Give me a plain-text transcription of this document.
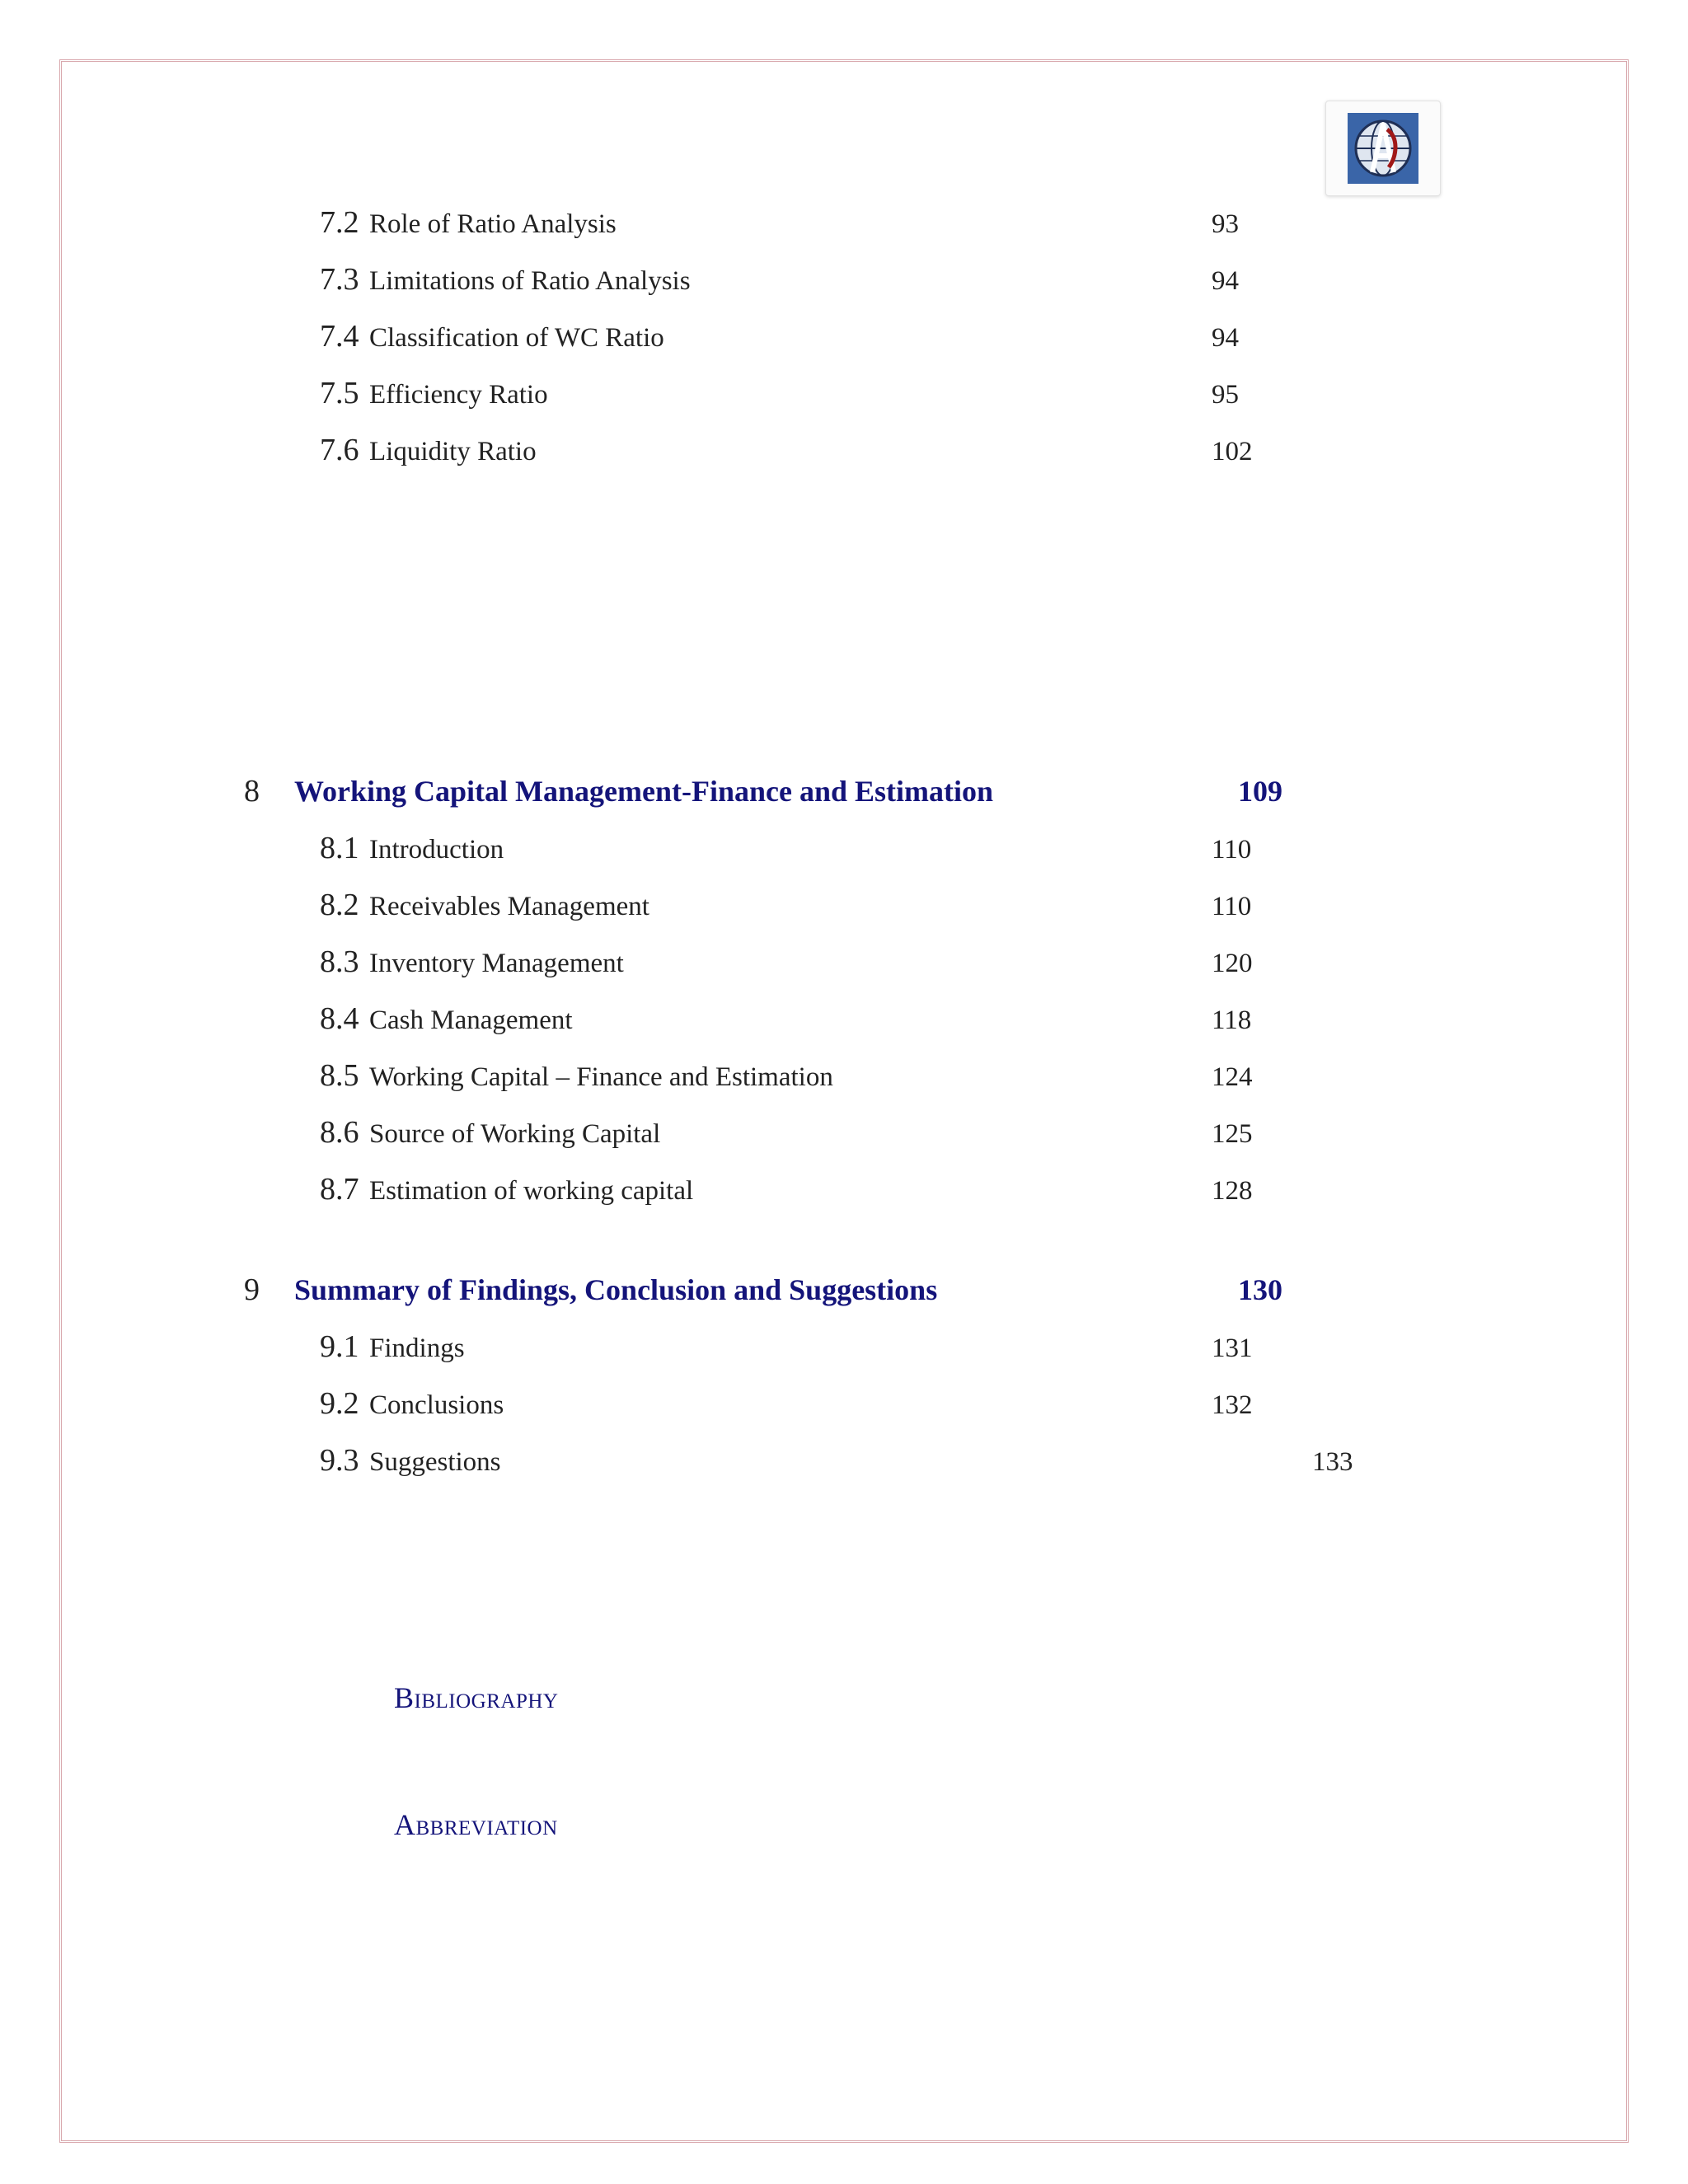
7.2 Role of Ratio Analysis	93
7.3 Limitations of Ratio Analysis	94
7.4 Classification of WC Ratio	94
7.5 Efficiency Ratio	95
7.6 Liquidity Ratio	102
8 Working Capital Management-Finance and Estimation	109
8.1 Introduction	110
8.2 Receivables Management	110
8.3 Inventory Management	120
8.4 Cash Management	118
8.5 Working Capital – Finance and Estimation	124
8.6 Source of Working Capital	125
8.7 Estimation of working capital	128
9 Summary of Findings, Conclusion and Suggestions	130
9.1 Findings	131
9.2 Conclusions	132
9.3 Suggestions	133
Bibliography
Abbreviation
